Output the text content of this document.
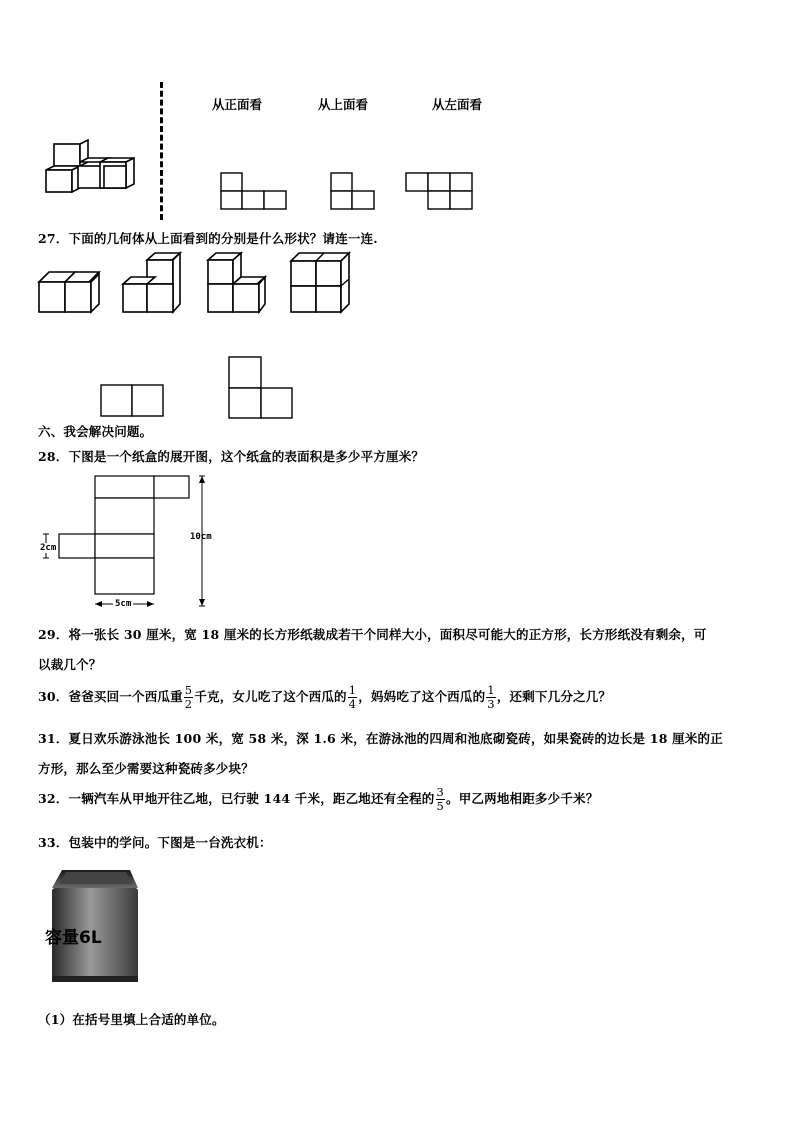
从正面看	从上面看	从左面看
27．下面的几何体从上面看到的分别是什么形状？请连一连.
六、我会解决问题。
28．下图是一个纸盒的展开图，这个纸盒的表面积是多少平方厘米？
10cm
2cm
5cm
29．将一张长 30 厘米，宽 18 厘米的长方形纸裁成若干个同样大小，面积尽可能大的正方形，长方形纸没有剩余，可
以裁几个？
30．爸爸买回一个西瓜重 $\frac{5}{2}$ 千克，女儿吃了这个西瓜的 $\frac{1}{4}$ ，妈妈吃了这个西瓜的 $\frac{1}{3}$ ，还剩下几分之几？
31．夏日欢乐游泳池长 100 米，宽 58 米，深 1.6 米，在游泳池的四周和池底砌瓷砖，如果瓷砖的边长是 18 厘米的正
方形，那么至少需要这种瓷砖多少块？
32．一辆汽车从甲地开往乙地，已行驶 144 千米，距乙地还有全程的 $\frac{3}{5}$ 。甲乙两地相距多少千米？
33．包装中的学问。下图是一台洗衣机：
容量6L
（1）在括号里填上合适的单位。
